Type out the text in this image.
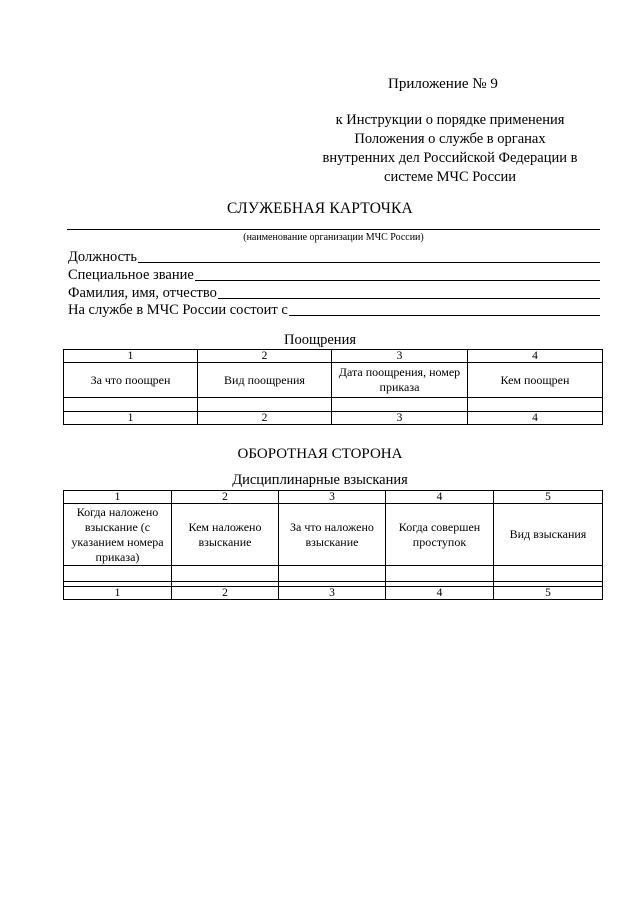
Приложение № 9
к Инструкции о порядке применения
Положения о службе в органах
внутренних дел Российской Федерации в
системе МЧС России
СЛУЖЕБНАЯ КАРТОЧКА
(наименование организации МЧС России)
Должность
Специальное звание
Фамилия, имя, отчество
На службе в МЧС России состоит с
Поощрения
1	2	3	4
За что поощрен	Вид поощрения	Дата поощрения, номер приказа	Кем поощрен

1	2	3	4
ОБОРОТНАЯ СТОРОНА
Дисциплинарные взыскания
1	2	3	4	5
Когда наложено взыскание (с указанием номера приказа)	Кем наложено взыскание	За что наложено взыскание	Когда совершен проступок	Вид взыскания

1	2	3	4	5
